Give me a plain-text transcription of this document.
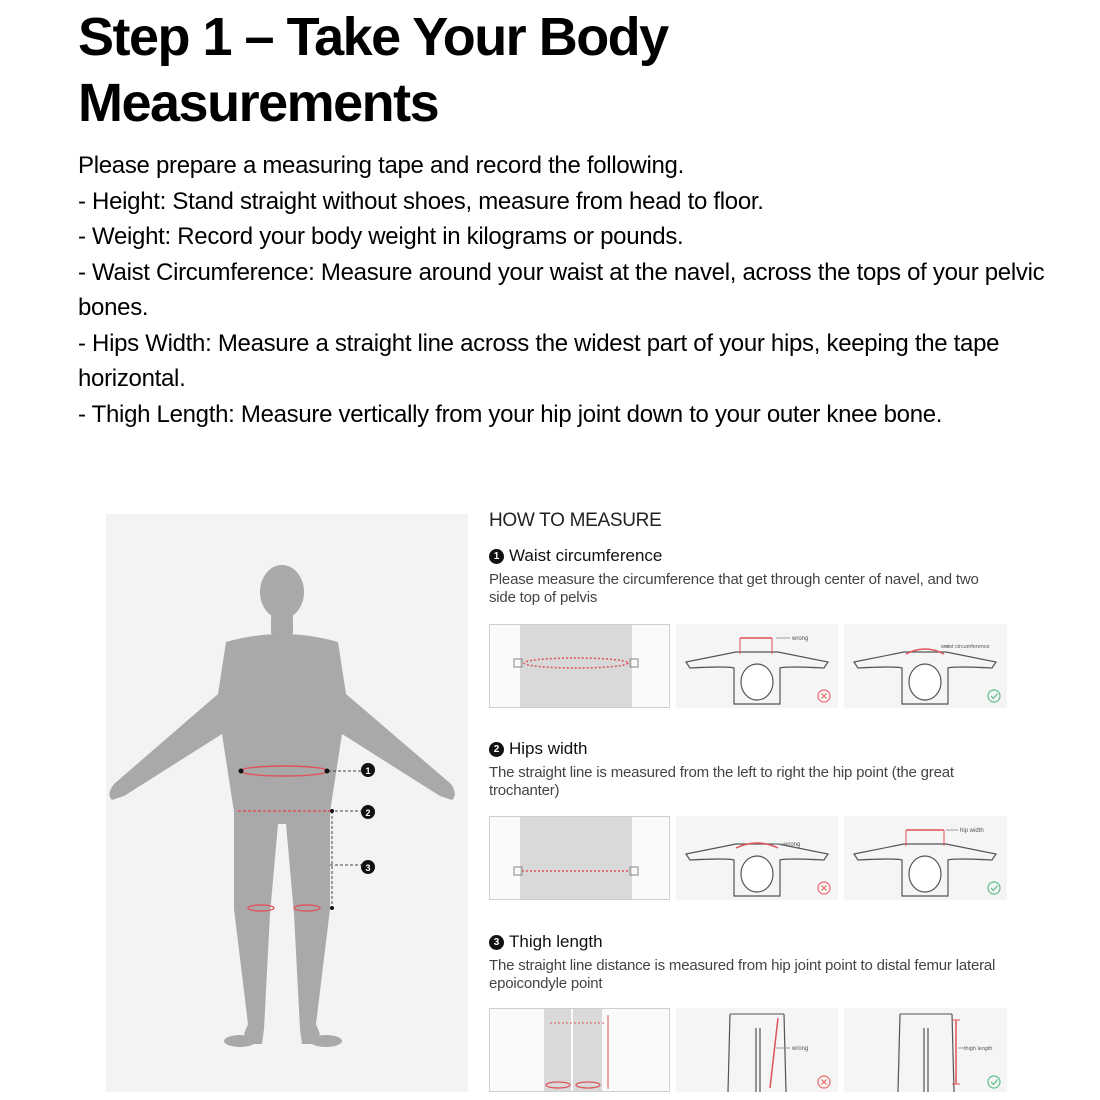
Step 1 – Take Your Body Measurements

Please prepare a measuring tape and record the following.

- Height: Stand straight without shoes, measure from head to floor.

- Weight: Record your body weight in kilograms or pounds.

- Waist Circumference: Measure around your waist at the navel, across the tops of your pelvic bones.

- Hips Width: Measure a straight line across the widest part of your hips, keeping the tape horizontal.

- Thigh Length: Measure vertically from your hip joint down to your outer knee bone.

1
2
3
HOW TO MEASURE
1 Waist circumference
Please measure the circumference that get through center of navel, and two side top of pelvis
wrong
waist circumference
2 Hips width
The straight line is measured from the left to right the hip point (the great trochanter)
wrong
hip width
3 Thigh length
The straight line distance is measured from hip joint point to distal femur lateral epoicondyle point
wrong	thigh length
